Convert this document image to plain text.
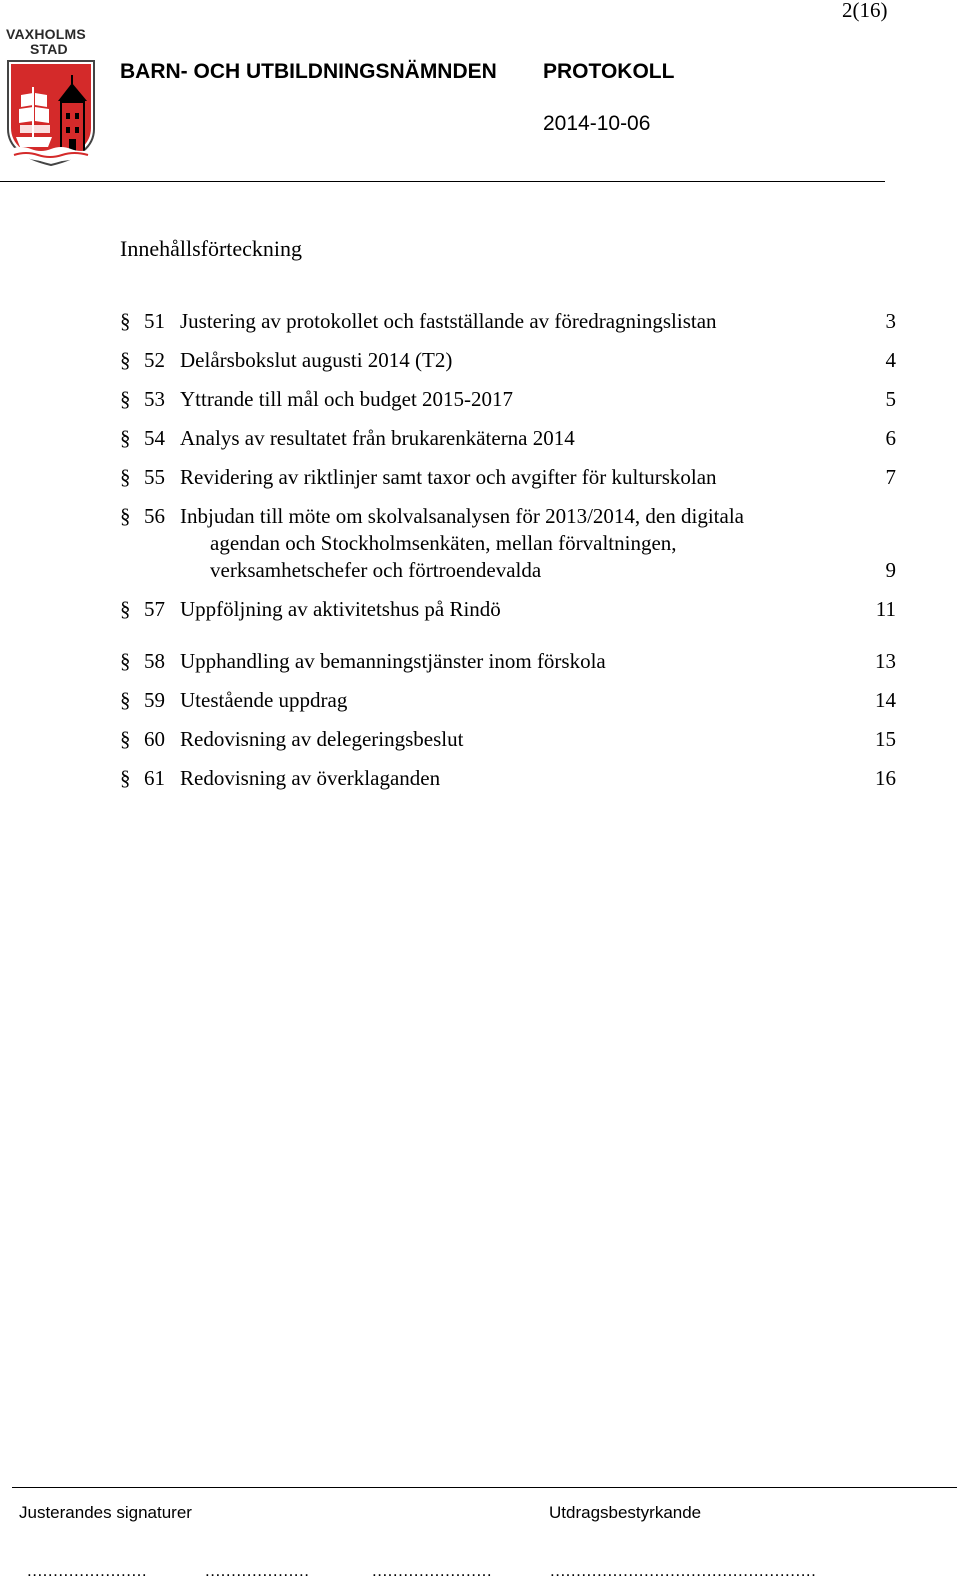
2(16)
VAXHOLMS
STAD
BARN- OCH UTBILDNINGSNÄMNDEN PROTOKOLL
2014-10-06
Innehållsförteckning
§ 51 Justering av protokollet och fastställande av föredragningslistan	3
§ 52 Delårsbokslut augusti 2014 (T2)	4
§ 53 Yttrande till mål och budget 2015-2017	5
§ 54 Analys av resultatet från brukarenkäterna 2014	6
§ 55 Revidering av riktlinjer samt taxor och avgifter för kulturskolan	7
§ 56 Inbjudan till möte om skolvalsanalysen för 2013/2014, den digitala
agendan och Stockholmsenkäten, mellan förvaltningen,
verksamhetschefer och förtroendevalda	9
§ 57 Uppföljning av aktivitetshus på Rindö	11
§ 58 Upphandling av bemanningstjänster inom förskola	13
§ 59 Utestående uppdrag	14
§ 60 Redovisning av delegeringsbeslut	15
§ 61 Redovisning av överklaganden	16
Justerandes signaturer	Utdragsbestyrkande
.......................	....................	.......................	...................................................
